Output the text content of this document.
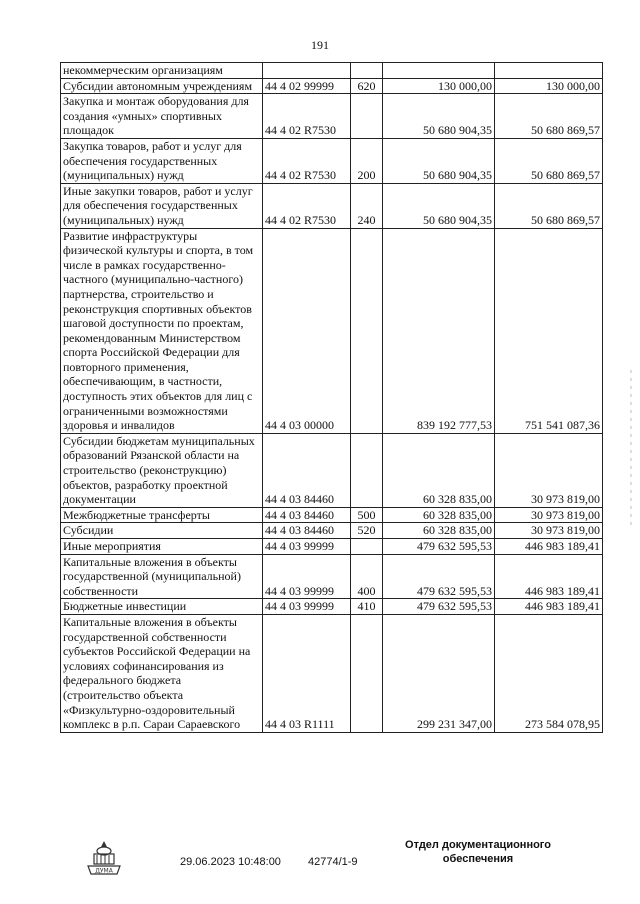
191
некоммерческим организациям				
Субсидии автономным учреждениям	44 4 02 99999	620	130 000,00	130 000,00
Закупка и монтаж оборудования для создания «умных» спортивных площадок	44 4 02 R7530		50 680 904,35	50 680 869,57
Закупка товаров, работ и услуг для обеспечения государственных (муниципальных) нужд	44 4 02 R7530	200	50 680 904,35	50 680 869,57
Иные закупки товаров, работ и услуг для обеспечения государственных (муниципальных) нужд	44 4 02 R7530	240	50 680 904,35	50 680 869,57
Развитие инфраструктуры физической культуры и спорта, в том числе в рамках государственно-частного (муниципально-частного) партнерства, строительство и реконструкция спортивных объектов шаговой доступности по проектам, рекомендованным Министерством спорта Российской Федерации для повторного применения, обеспечивающим, в частности, доступность этих объектов для лиц с ограниченными возможностями здоровья и инвалидов	44 4 03 00000		839 192 777,53	751 541 087,36
Субсидии бюджетам муниципальных образований Рязанской области на строительство (реконструкцию) объектов, разработку проектной документации	44 4 03 84460		60 328 835,00	30 973 819,00
Межбюджетные трансферты	44 4 03 84460	500	60 328 835,00	30 973 819,00
Субсидии	44 4 03 84460	520	60 328 835,00	30 973 819,00
Иные мероприятия	44 4 03 99999		479 632 595,53	446 983 189,41
Капитальные вложения в объекты государственной (муниципальной) собственности	44 4 03 99999	400	479 632 595,53	446 983 189,41
Бюджетные инвестиции	44 4 03 99999	410	479 632 595,53	446 983 189,41
Капитальные вложения в объекты государственной собственности субъектов Российской Федерации на условиях софинансирования из федерального бюджета (строительство объекта «Физкультурно-оздоровительный комплекс в р.п. Сараи Сараевского	44 4 03 R1111		299 231 347,00	273 584 078,95
ДУМА
29.06.2023 10:48:00 42774/1-9
Отдел документационного обеспечения
